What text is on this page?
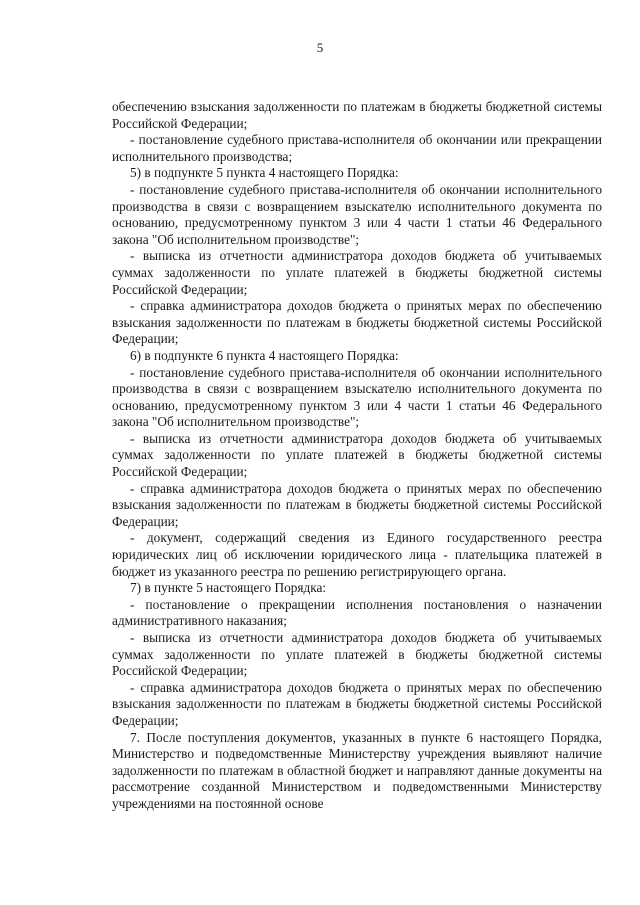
5

обеспечению взыскания задолженности по платежам в бюджеты бюджетной системы Российской Федерации;

- постановление судебного пристава-исполнителя об окончании или прекращении исполнительного производства;

5) в подпункте 5 пункта 4 настоящего Порядка:

- постановление судебного пристава-исполнителя об окончании исполнительного производства в связи с возвращением взыскателю исполнительного документа по основанию, предусмотренному пунктом 3 или 4 части 1 статьи 46 Федерального закона "Об исполнительном производстве";

- выписка из отчетности администратора доходов бюджета об учитываемых суммах задолженности по уплате платежей в бюджеты бюджетной системы Российской Федерации;

- справка администратора доходов бюджета о принятых мерах по обеспечению взыскания задолженности по платежам в бюджеты бюджетной системы Российской Федерации;

6) в подпункте 6 пункта 4 настоящего Порядка:

- постановление судебного пристава-исполнителя об окончании исполнительного производства в связи с возвращением взыскателю исполнительного документа по основанию, предусмотренному пунктом 3 или 4 части 1 статьи 46 Федерального закона "Об исполнительном производстве";

- выписка из отчетности администратора доходов бюджета об учитываемых суммах задолженности по уплате платежей в бюджеты бюджетной системы Российской Федерации;

- справка администратора доходов бюджета о принятых мерах по обеспечению взыскания задолженности по платежам в бюджеты бюджетной системы Российской Федерации;

- документ, содержащий сведения из Единого государственного реестра юридических лиц об исключении юридического лица - плательщика платежей в бюджет из указанного реестра по решению регистрирующего органа.

7) в пункте 5 настоящего Порядка:

- постановление о прекращении исполнения постановления о назначении административного наказания;

- выписка из отчетности администратора доходов бюджета об учитываемых суммах задолженности по уплате платежей в бюджеты бюджетной системы Российской Федерации;

- справка администратора доходов бюджета о принятых мерах по обеспечению взыскания задолженности по платежам в бюджеты бюджетной системы Российской Федерации;

7. После поступления документов, указанных в пункте 6 настоящего Порядка, Министерство и подведомственные Министерству учреждения выявляют наличие задолженности по платежам в областной бюджет и направляют данные документы на рассмотрение созданной Министерством и подведомственными Министерству учреждениями на постоянной основе
